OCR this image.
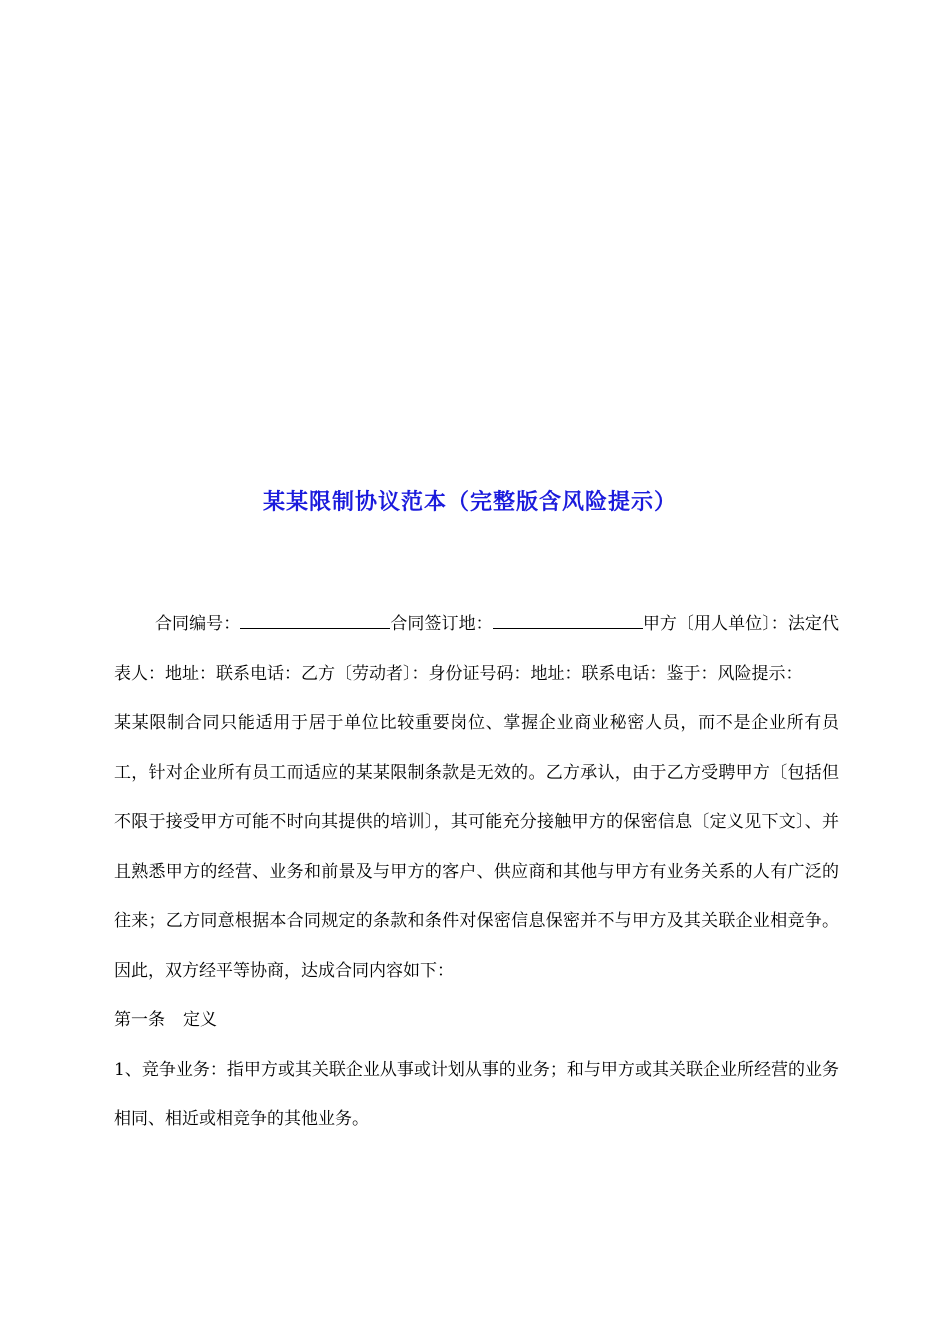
某某限制协议范本（完整版含风险提示）

合同编号：	合同签订地：	甲方〔用人单位〕：法定代表人：地址：联系电话：乙方〔劳动者〕：身份证号码：地址：联系电话：鉴于：风险提示：

某某限制合同只能适用于居于单位比较重要岗位、掌握企业商业秘密人员，而不是企业所有员工，针对企业所有员工而适应的某某限制条款是无效的。乙方承认，由于乙方受聘甲方〔包括但不限于接受甲方可能不时向其提供的培训〕，其可能充分接触甲方的保密信息〔定义见下文〕、并且熟悉甲方的经营、业务和前景及与甲方的客户、供应商和其他与甲方有业务关系的人有广泛的往来；乙方同意根据本合同规定的条款和条件对保密信息保密并不与甲方及其关联企业相竞争。因此，双方经平等协商，达成合同内容如下：

第一条 定义

1、竞争业务：指甲方或其关联企业从事或计划从事的业务；和与甲方或其关联企业所经营的业务相同、相近或相竞争的其他业务。
